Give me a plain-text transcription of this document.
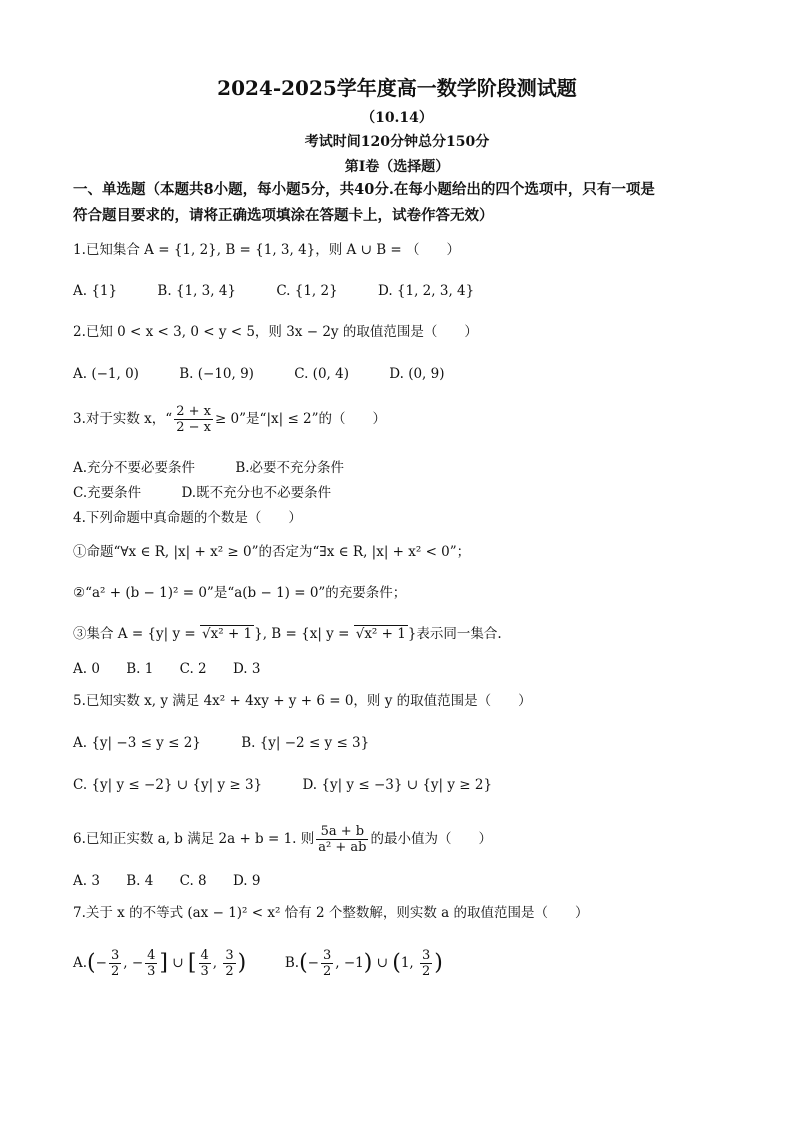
2024-2025学年度高一数学阶段测试题
（10.14）
考试时间120分钟总分150分
第I卷（选择题）
一、单选题（本题共8小题，每小题5分，共40分.在每小题给出的四个选项中，只有一项是
符合题目要求的，请将正确选项填涂在答题卡上，试卷作答无效）
1.已知集合 A = {1, 2}, B = {1, 3, 4}，则 A ∪ B = （　　）
A. {1}	B. {1, 3, 4}	C. {1, 2}	D. {1, 2, 3, 4}
2.已知 0 < x < 3, 0 < y < 5，则 3x − 2y 的取值范围是（　　）
A. (−1, 0)	B. (−10, 9)	C. (0, 4)	D. (0, 9)
3.对于实数 x，“ $\frac{2 + x}{2 - x} \ge 0$”是“|x| ≤ 2”的（　　）
A.充分不要必要条件	B.必要不充分条件
C.充要条件	D.既不充分也不必要条件
4.下列命题中真命题的个数是（　　）
①命题“∀x ∈ R, |x| + x² ≥ 0”的否定为“∃x ∈ R, |x| + x² < 0”；
②“a² + (b − 1)² = 0”是“a(b − 1) = 0”的充要条件；
③集合 A = {y| y = √x² + 1 }, B = {x| y = √x² + 1 }表示同一集合.
A. 0 B. 1 C. 2 D. 3
5.已知实数 x, y 满足 4x² + 4xy + y + 6 = 0，则 y 的取值范围是（　　）
A. {y| −3 ≤ y ≤ 2}	B. {y| −2 ≤ y ≤ 3}
C. {y| y ≤ −2} ∪ {y| y ≥ 3}	D. {y| y ≤ −3} ∪ {y| y ≥ 2}
6.已知正实数 a, b 满足 2a + b = 1. 则 $\frac{5a + b}{\text{a² + ab}}$ 的最小值为（　　）
A. 3 B. 4 C. 8 D. 9
7.关于 x 的不等式 (ax − 1)² < x² 恰有 2 个整数解，则实数 a 的取值范围是（　　）
$A.(- \frac{3}{2}$ , − $\frac{4}{3}$ ] ∪ [ $\frac{4}{3}$ , $\frac{3}{2}$ )	$B.(- \frac{3}{2}$ , −1) ∪ (1, $\frac{3}{2}$ )
